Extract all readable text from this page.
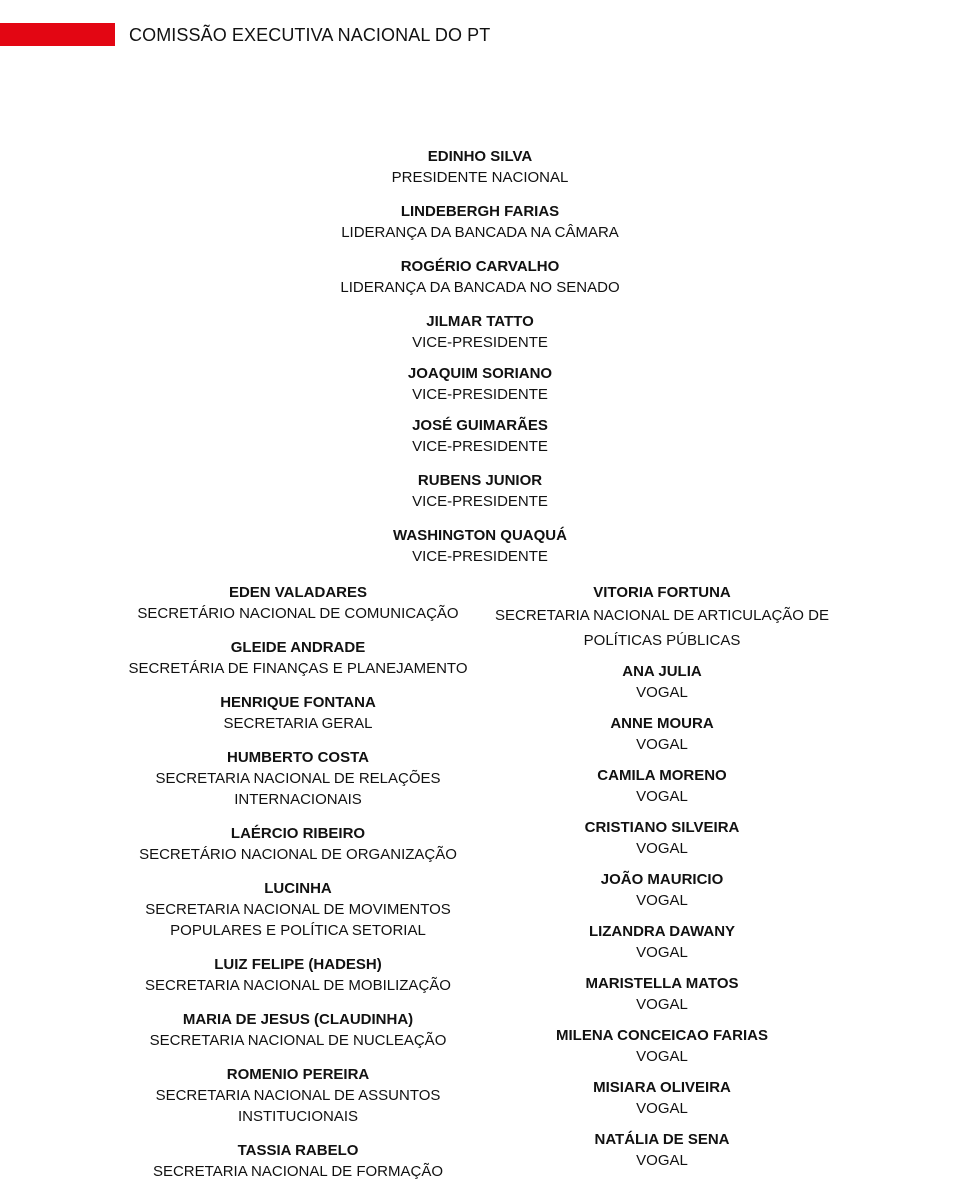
COMISSÃO EXECUTIVA NACIONAL DO PT
EDINHO SILVA
PRESIDENTE NACIONAL
LINDEBERGH FARIAS
LIDERANÇA DA BANCADA NA CÂMARA
ROGÉRIO CARVALHO
LIDERANÇA DA BANCADA NO SENADO
JILMAR TATTO
VICE-PRESIDENTE
JOAQUIM SORIANO
VICE-PRESIDENTE
JOSÉ GUIMARÃES
VICE-PRESIDENTE
RUBENS JUNIOR
VICE-PRESIDENTE
WASHINGTON QUAQUÁ
VICE-PRESIDENTE
EDEN VALADARES
SECRETÁRIO NACIONAL DE COMUNICAÇÃO
GLEIDE ANDRADE
SECRETÁRIA DE FINANÇAS E PLANEJAMENTO
HENRIQUE FONTANA
SECRETARIA GERAL
HUMBERTO COSTA
SECRETARIA NACIONAL DE RELAÇÕES
INTERNACIONAIS
LAÉRCIO RIBEIRO
SECRETÁRIO NACIONAL DE ORGANIZAÇÃO
LUCINHA
SECRETARIA NACIONAL DE MOVIMENTOS
POPULARES E POLÍTICA SETORIAL
LUIZ FELIPE (HADESH)
SECRETARIA NACIONAL DE MOBILIZAÇÃO
MARIA DE JESUS (CLAUDINHA)
SECRETARIA NACIONAL DE NUCLEAÇÃO
ROMENIO PEREIRA
SECRETARIA NACIONAL DE ASSUNTOS
INSTITUCIONAIS
TASSIA RABELO
SECRETARIA NACIONAL DE FORMAÇÃO
VITORIA FORTUNA
SECRETARIA NACIONAL DE ARTICULAÇÃO DE
POLÍTICAS PÚBLICAS
ANA JULIA
VOGAL
ANNE MOURA
VOGAL
CAMILA MORENO
VOGAL
CRISTIANO SILVEIRA
VOGAL
JOÃO MAURICIO
VOGAL
LIZANDRA DAWANY
VOGAL
MARISTELLA MATOS
VOGAL
MILENA CONCEICAO FARIAS
VOGAL
MISIARA OLIVEIRA
VOGAL
NATÁLIA DE SENA
VOGAL
